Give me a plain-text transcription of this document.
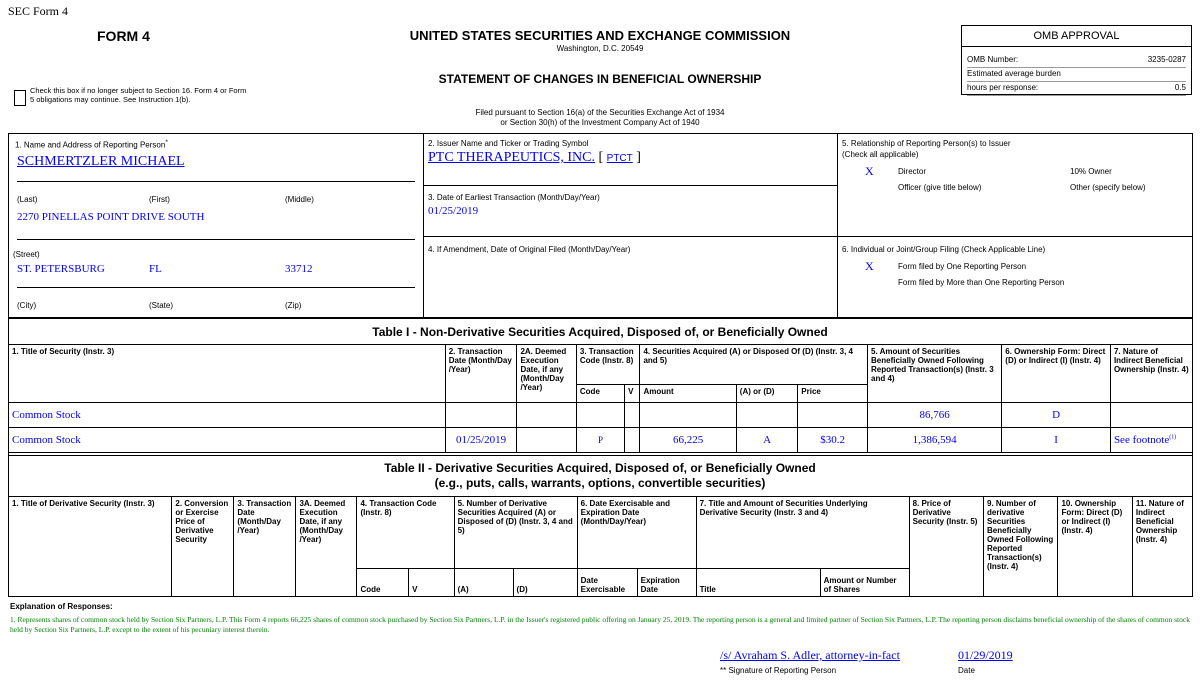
SEC Form 4
FORM 4	UNITED STATES SECURITIES AND EXCHANGE COMMISSION
Washington, D.C. 20549
STATEMENT OF CHANGES IN BENEFICIAL OWNERSHIP
Filed pursuant to Section 16(a) of the Securities Exchange Act of 1934
or Section 30(h) of the Investment Company Act of 1940
Check this box if no longer subject to Section 16. Form 4 or Form 5 obligations may continue. See Instruction 1(b).
OMB APPROVAL
OMB Number:	3235-0287
Estimated average burden
hours per response:	0.5
1. Name and Address of Reporting Person*
SCHMERTZLER MICHAEL
(Last)	(First)	(Middle)
2270 PINELLAS POINT DRIVE SOUTH
(Street)
ST. PETERSBURG	FL	33712
(City)	(State)	(Zip)
2. Issuer Name and Ticker or Trading Symbol
PTC THERAPEUTICS, INC. [ PTCT ]
3. Date of Earliest Transaction (Month/Day/Year)
01/25/2019
4. If Amendment, Date of Original Filed (Month/Day/Year)
5. Relationship of Reporting Person(s) to Issuer
(Check all applicable)
X	Director	10% Owner
Officer (give title below)	Other (specify below)
6. Individual or Joint/Group Filing (Check Applicable Line)
X	Form filed by One Reporting Person
Form filed by More than One Reporting Person
Table I - Non-Derivative Securities Acquired, Disposed of, or Beneficially Owned
1. Title of Security (Instr. 3)	2. Transaction Date (Month/Day /Year)	2A. Deemed Execution Date, if any (Month/Day /Year)	3. Transaction Code (Instr. 8)		4. Securities Acquired (A) or Disposed Of (D) (Instr. 3, 4 and 5)			5. Amount of Securities Beneficially Owned Following Reported Transaction(s) (Instr. 3 and 4)	6. Ownership Form: Direct (D) or Indirect (I) (Instr. 4)	7. Nature of Indirect Beneficial Ownership (Instr. 4)
			Code	V	Amount	(A) or (D)	Price			
Common Stock								86,766	D	
Common Stock	01/25/2019		P		66,225	A	$30.2	1,386,594	I	See footnote$^{(1)}$
Table II - Derivative Securities Acquired, Disposed of, or Beneficially Owned
(e.g., puts, calls, warrants, options, convertible securities)
1. Title of Derivative Security (Instr. 3)	2. Conversion or Exercise Price of Derivative Security	3. Transaction Date (Month/Day /Year)	3A. Deemed Execution Date, if any (Month/Day /Year)	4. Transaction Code (Instr. 8)		5. Number of Derivative Securities Acquired (A) or Disposed of (D) (Instr. 3, 4 and 5)		6. Date Exercisable and Expiration Date (Month/Day/Year)		7. Title and Amount of Securities Underlying Derivative Security (Instr. 3 and 4)		8. Price of Derivative Security (Instr. 5)	9. Number of derivative Securities Beneficially Owned Following Reported Transaction(s) (Instr. 4)	10. Ownership Form: Direct (D) or Indirect (I) (Instr. 4)	11. Nature of Indirect Beneficial Ownership (Instr. 4)
				Code	V	(A)	(D)	Date Exercisable	Expiration Date	Title	Amount or Number of Shares				
Explanation of Responses:
1. Represents shares of common stock held by Section Six Partners, L.P. This Form 4 reports 66,225 shares of common stock purchased by Section Six Partners, L.P. in the Issuer's registered public offering on January 25, 2019. The reporting person is a general and limited partner of Section Six Partners, L.P. The reporting person disclaims beneficial ownership of the shares of common stock held by Section Six Partners, L.P. except to the extent of his pecuniary interest therein.
/s/ Avraham S. Adler, attorney-in-fact	01/29/2019
** Signature of Reporting Person	Date
